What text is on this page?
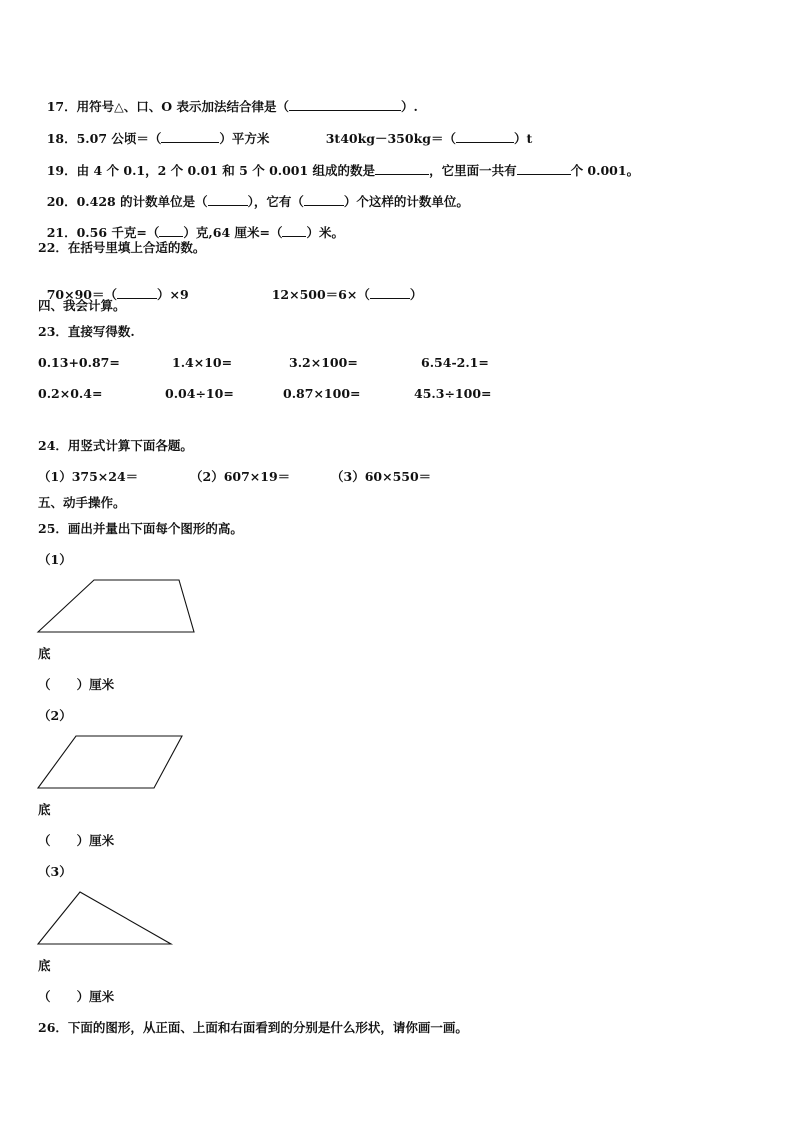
17．用符号△、口、O 表示加法结合律是（	）.

18．5.07 公顷＝（	）平方米	3t40kg－350kg＝（	）t

19．由 4 个 0.1，2 个 0.01 和 5 个 0.001 组成的数是	，它里面一共有	个 0.001。

20．0.428 的计数单位是（	），它有（	）个这样的计数单位。

21．0.56 千克=（ ）克,64 厘米=（ ）米。

22．在括号里填上合适的数。

70×90＝（	）×9	12×500＝6×（	）

四、我会计算。
23．直接写得数.
0.13+0.87=	1.4×10=	3.2×100=	6.54-2.1=
0.2×0.4=	0.04÷10=	0.87×100=	45.3÷100=
24．用竖式计算下面各题。
（1）375×24＝	（2）607×19＝	（3）60×550＝
五、动手操作。
25．画出并量出下面每个图形的高。
（1）
底
（      ）厘米
（2）
底
（      ）厘米
（3）
底
（      ）厘米
26．下面的图形，从正面、上面和右面看到的分别是什么形状，请你画一画。
